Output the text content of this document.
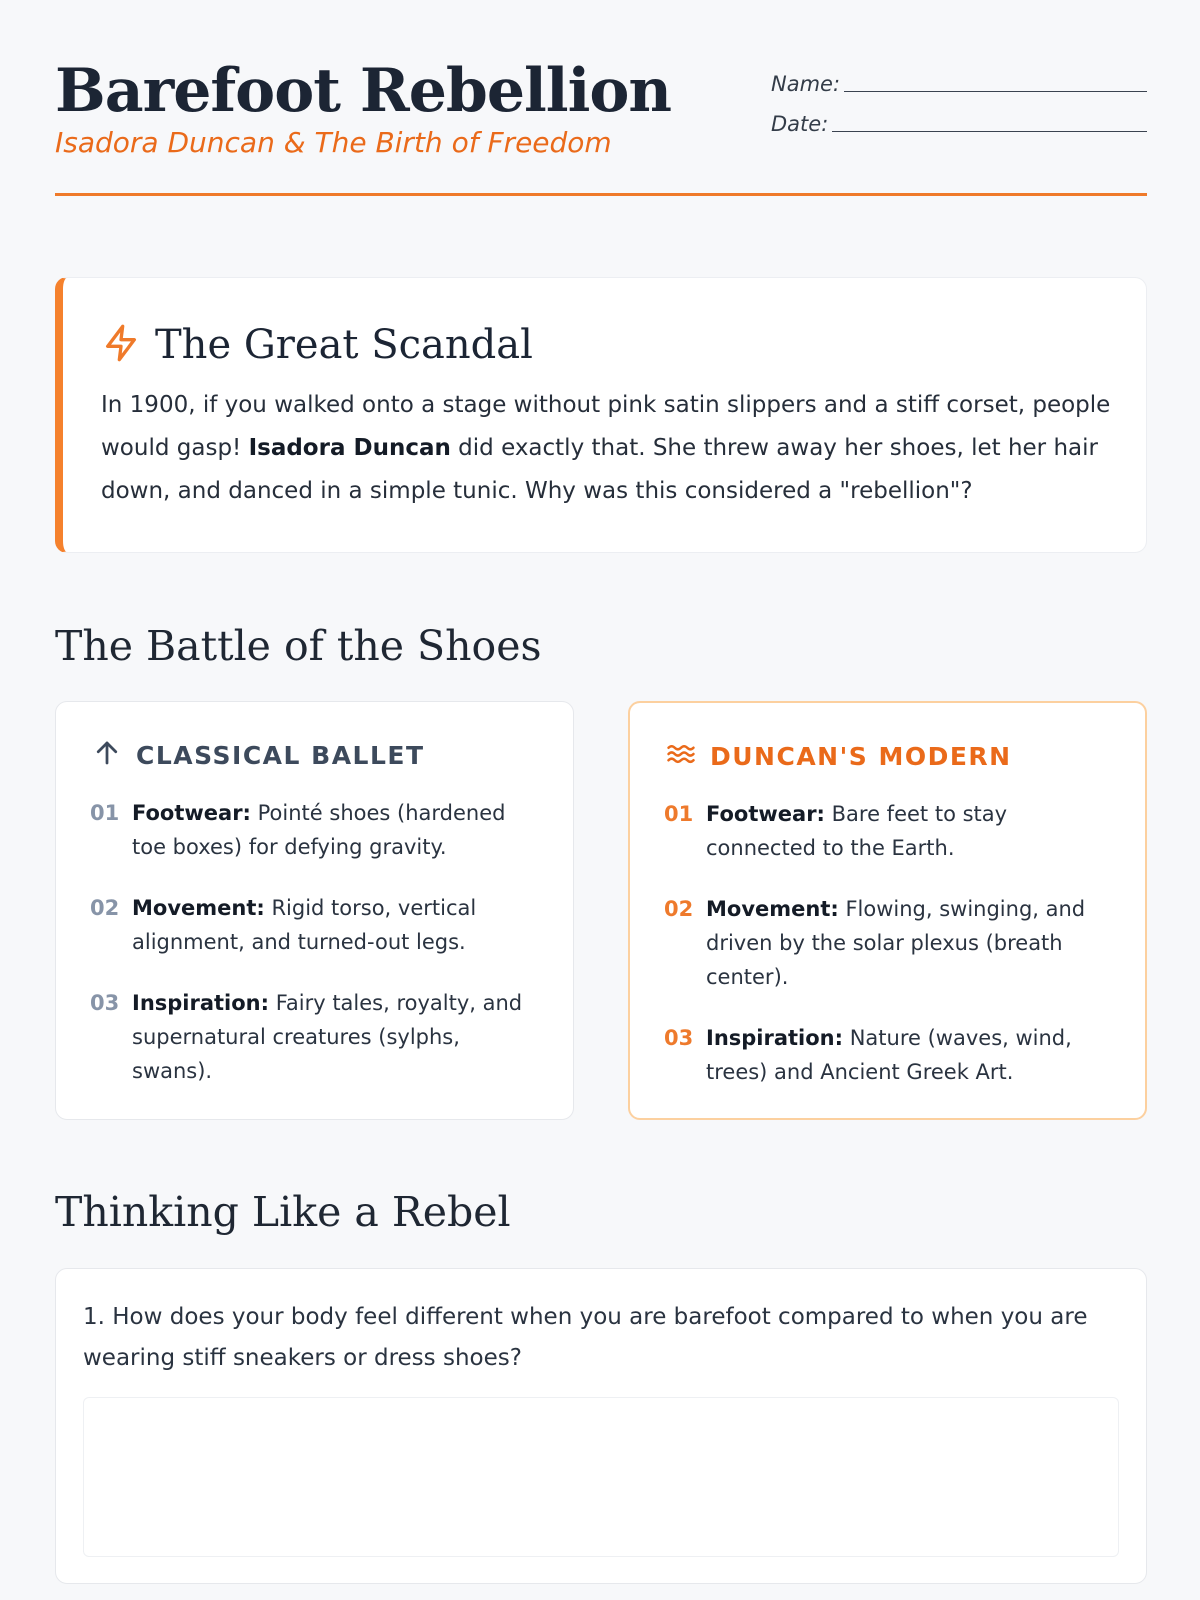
Barefoot Rebellion
Isadora Duncan & The Birth of Freedom
Name:
Date:
The Great Scandal

In 1900, if you walked onto a stage without pink satin slippers and a stiff corset, people would gasp! Isadora Duncan did exactly that. She threw away her shoes, let her hair down, and danced in a simple tunic. Why was this considered a "rebellion"?

The Battle of the Shoes
CLASSICAL BALLET
01 Footwear: Pointé shoes (hardened toe boxes) for defying gravity.
02 Movement: Rigid torso, vertical alignment, and turned-out legs.
03 Inspiration: Fairy tales, royalty, and supernatural creatures (sylphs, swans).
DUNCAN'S MODERN
01 Footwear: Bare feet to stay connected to the Earth.
02 Movement: Flowing, swinging, and driven by the solar plexus (breath center).
03 Inspiration: Nature (waves, wind, trees) and Ancient Greek Art.
Thinking Like a Rebel

1. How does your body feel different when you are barefoot compared to when you are wearing stiff sneakers or dress shoes?
